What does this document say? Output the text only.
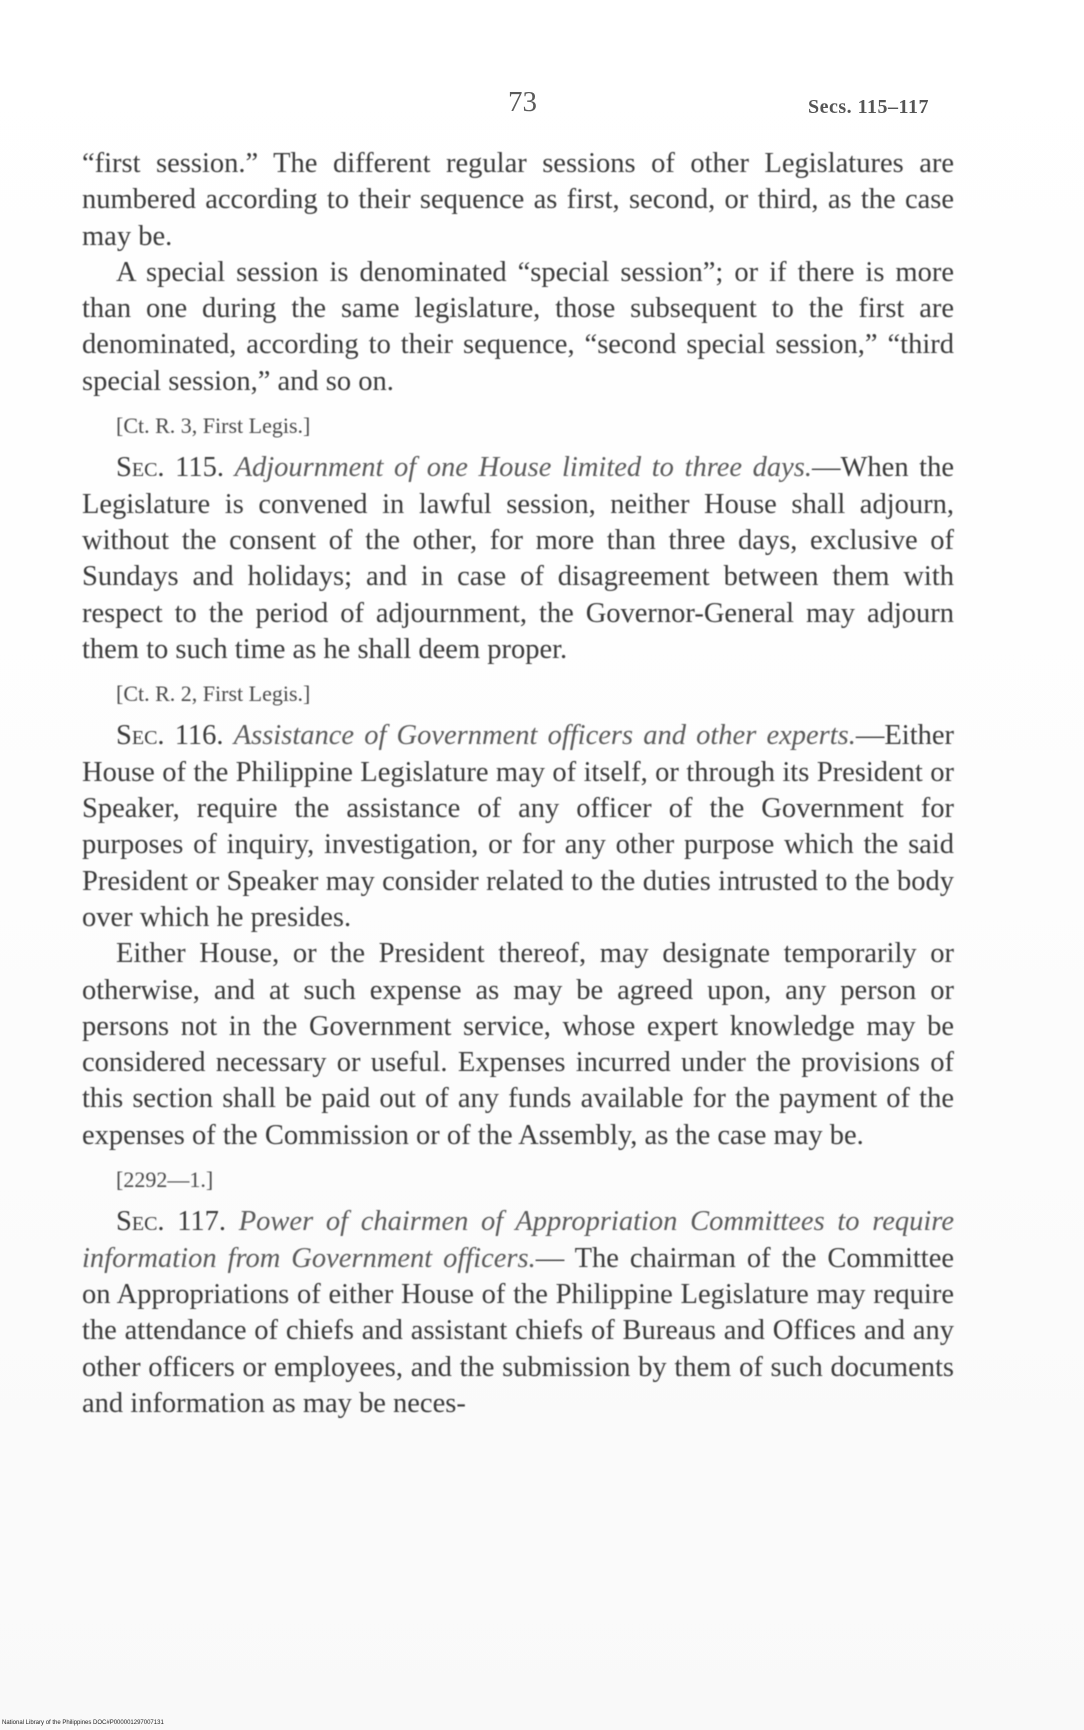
73	Secs. 115–117

“first session.” The different regular sessions of other Legislatures are numbered according to their sequence as first, second, or third, as the case may be.

A special session is denominated “special session”; or if there is more than one during the same legislature, those subsequent to the first are denominated, according to their sequence, “second special session,” “third special session,” and so on.

[Ct. R. 3, First Legis.]

Sec. 115. Adjournment of one House limited to three days.—When the Legislature is convened in lawful session, neither House shall adjourn, without the consent of the other, for more than three days, exclusive of Sundays and holidays; and in case of disagreement between them with respect to the period of adjournment, the Governor-General may adjourn them to such time as he shall deem proper.

[Ct. R. 2, First Legis.]

Sec. 116. Assistance of Government officers and other experts.—Either House of the Philippine Legislature may of itself, or through its President or Speaker, require the assistance of any officer of the Government for purposes of inquiry, investigation, or for any other purpose which the said President or Speaker may consider related to the duties intrusted to the body over which he presides.

Either House, or the President thereof, may designate temporarily or otherwise, and at such expense as may be agreed upon, any person or persons not in the Government service, whose expert knowledge may be considered necessary or useful. Expenses incurred under the provisions of this section shall be paid out of any funds available for the payment of the expenses of the Commission or of the Assembly, as the case may be.

[2292—1.]

Sec. 117. Power of chairmen of Appropriation Committees to require information from Government officers.— The chairman of the Committee on Appropriations of either House of the Philippine Legislature may require the attendance of chiefs and assistant chiefs of Bureaus and Offices and any other officers or employees, and the submission by them of such documents and information as may be neces-

National Library of the Philippines DOC#P000001297007131
